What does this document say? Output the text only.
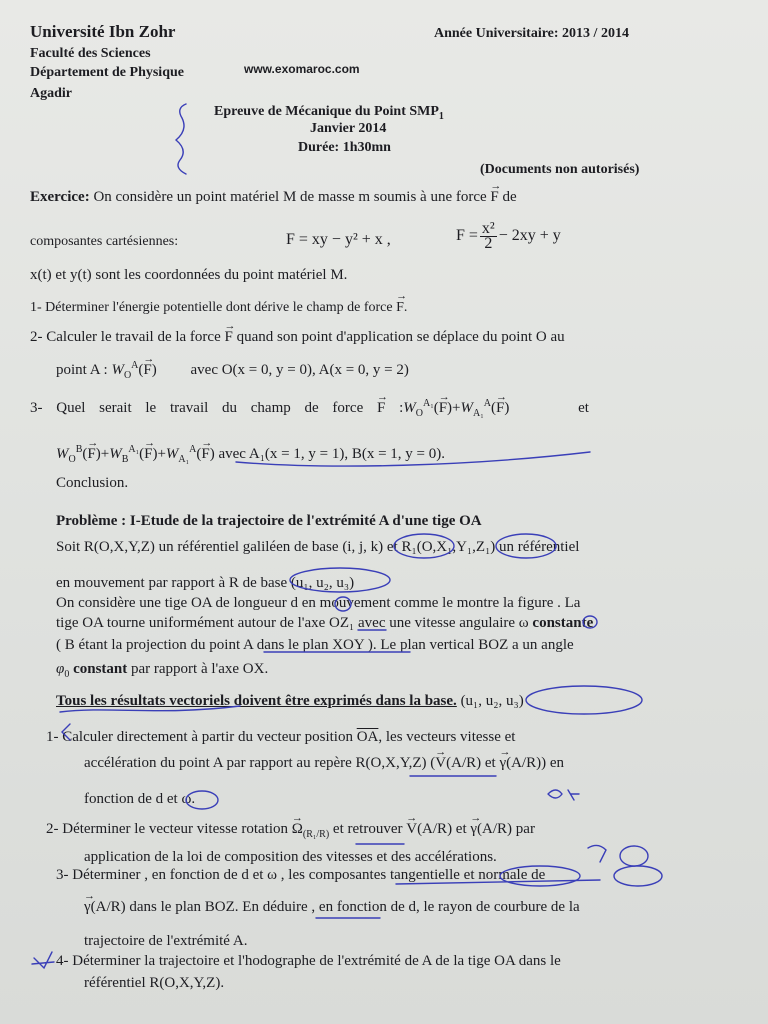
Université Ibn Zohr
Faculté des Sciences
Département de Physique
Agadir
Année Universitaire: 2013 / 2014
www.exomaroc.com
Epreuve de Mécanique du Point $SMP_1$
Janvier 2014
Durée: 1h30mn
(Documents non autorisés)
Exercice: On considère un point matériel M de masse m soumis à une force → F de
composantes cartésiennes:	F = xy − y² + x ,	$F = \frac{\text{x²}}{2} - 2xy + y$
x(t) et y(t) sont les coordonnées du point matériel M.
1- Déterminer l'énergie potentielle dont dérive le champ de force → F.
2- Calculer le travail de la force → F quand son point d'application se déplace du point O au
point A : $W_O^A(\to F)$         avec O(x = 0, y = 0), A(x = 0, y = 2)
3- Quel serait le travail du champ de force → F $:W_O^{A_1}(\to F)+W_{A_1}^A(\to F)$	et
$W_O^B(\to F)+W_B^{A_1}(\to F)+W_{A_1}^A(\to F)$ avec A₁(x = 1, y = 1), B(x = 1, y = 0).
Conclusion.
Problème : I-Etude de la trajectoire de l'extrémité A d'une tige OA
Soit R(O,X,Y,Z) un référentiel galiléen de base (i, j, k) et R₁(O,X₁,Y₁,Z₁) un référentiel
en mouvement par rapport à R de base (u₁, u₂, u₃)
On considère une tige OA de longueur d en mouvement comme le montre la figure . La
tige OA tourne uniformément autour de l'axe OZ₁ avec une vitesse angulaire ω constante
( B étant la projection du point A dans le plan XOY ). Le plan vertical BOZ a un angle
$\varphi_0$ constant par rapport à l'axe OX.
Tous les résultats vectoriels doivent être exprimés dans la base. (u₁, u₂, u₃)
1- Calculer directement à partir du vecteur position $\overline{OA}$, les vecteurs vitesse et
accélération du point A par rapport au repère R(O,X,Y,Z) (→ V(A/R) et → γ(A/R)) en
fonction de d et ω.
2- Déterminer le vecteur vitesse rotation → $\Omega_{(R_1/R)}$ et retrouver → V(A/R) et → γ(A/R) par
application de la loi de composition des vitesses et des accélérations.
3- Déterminer , en fonction de d et ω , les composantes tangentielle et normale de
→ γ(A/R) dans le plan BOZ. En déduire , en fonction de d, le rayon de courbure de la
trajectoire de l'extrémité A.
4- Déterminer la trajectoire et l'hodographe de l'extrémité de A de la tige OA dans le
référentiel R(O,X,Y,Z).
